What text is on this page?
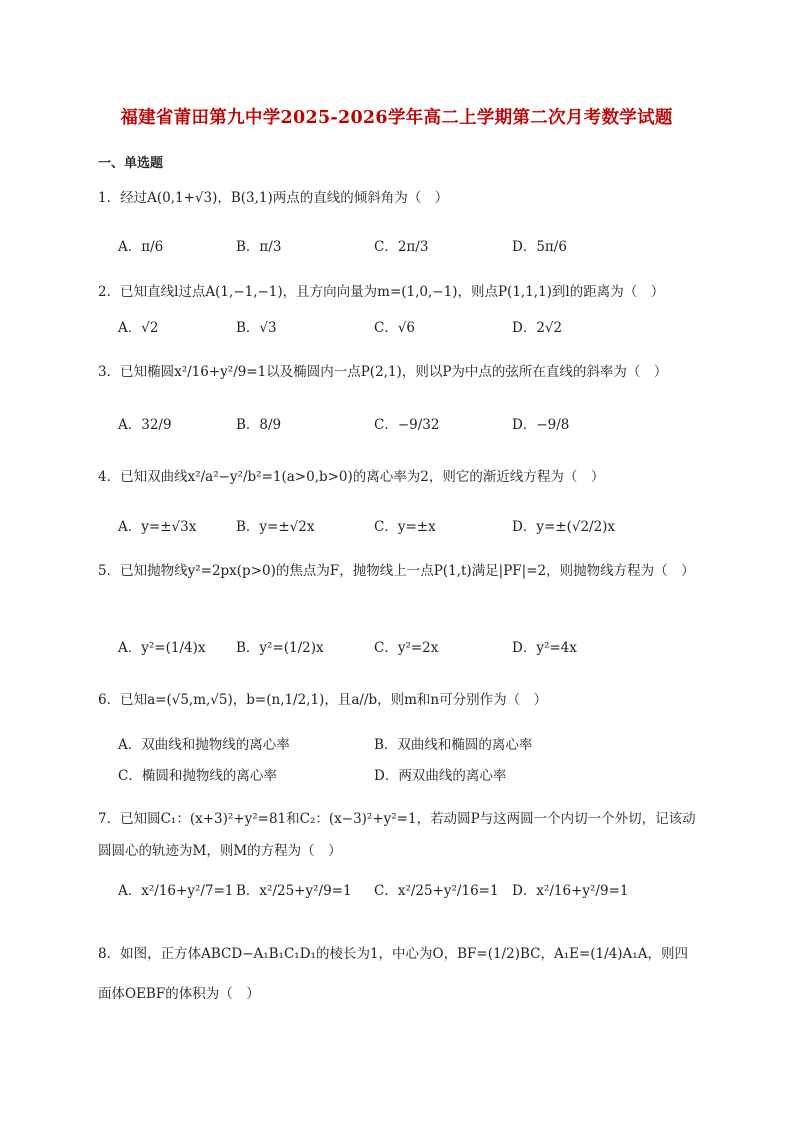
福建省莆田第九中学2025-2026学年高二上学期第二次月考数学试题
一、单选题
1．经过A(0,1+√3)，B(3,1)两点的直线的倾斜角为（　）
A．π/6	B．π/3	C．2π/3	D．5π/6
2．已知直线l过点A(1,−1,−1)，且方向向量为m=(1,0,−1)，则点P(1,1,1)到l的距离为（　）
A．√2	B．√3	C．√6	D．2√2
3．已知椭圆x²/16+y²/9=1以及椭圆内一点P(2,1)，则以P为中点的弦所在直线的斜率为（　）
A．32/9	B．8/9	C．−9/32	D．−9/8
4．已知双曲线x²/a²−y²/b²=1(a>0,b>0)的离心率为2，则它的渐近线方程为（　）
A．y=±√3x	B．y=±√2x	C．y=±x	D．y=±(√2/2)x
5．已知抛物线y²=2px(p>0)的焦点为F，抛物线上一点P(1,t)满足|PF|=2，则抛物线方程为（　）
A．y²=(1/4)x B．y²=(1/2)x	C．y²=2x	D．y²=4x
6．已知a=(√5,m,√5)，b=(n,1/2,1)，且a//b，则m和n可分别作为（　）
A．双曲线和抛物线的离心率	B．双曲线和椭圆的离心率
C．椭圆和抛物线的离心率	D．两双曲线的离心率
7．已知圆C₁：(x+3)²+y²=81和C₂：(x−3)²+y²=1，若动圆P与这两圆一个内切一个外切，记该动圆圆心的轨迹为M，则M的方程为（　）
A．x²/16+y²/7=1 B．x²/25+y²/9=1 C．x²/25+y²/16=1 D．x²/16+y²/9=1
8．如图，正方体ABCD−A₁B₁C₁D₁的棱长为1，中心为O，BF=(1/2)BC，A₁E=(1/4)A₁A，则四面体OEBF的体积为（　）
